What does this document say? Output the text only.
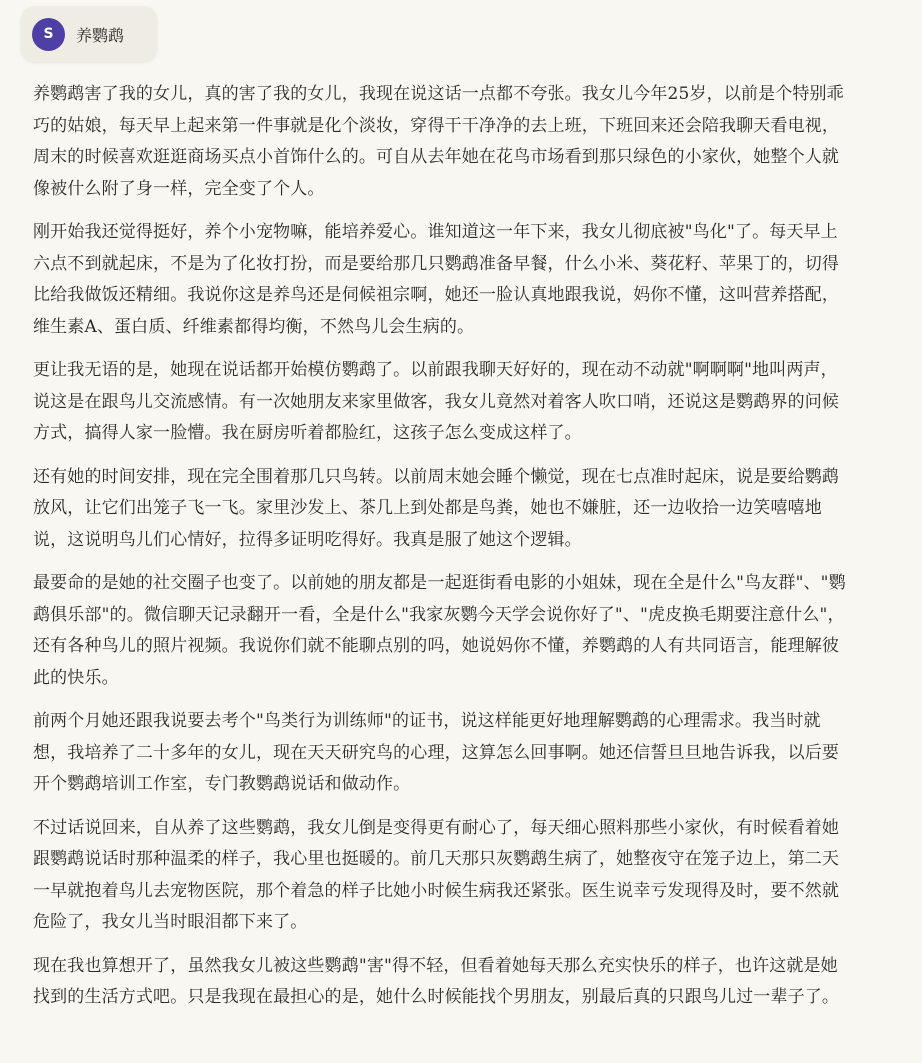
S	养鹦鹉

养鹦鹉害了我的女儿，真的害了我的女儿，我现在说这话一点都不夸张。我女儿今年25岁，以前是个特别乖巧的姑娘，每天早上起来第一件事就是化个淡妆，穿得干干净净的去上班，下班回来还会陪我聊天看电视，周末的时候喜欢逛逛商场买点小首饰什么的。可自从去年她在花鸟市场看到那只绿色的小家伙，她整个人就像被什么附了身一样，完全变了个人。

刚开始我还觉得挺好，养个小宠物嘛，能培养爱心。谁知道这一年下来，我女儿彻底被"鸟化"了。每天早上六点不到就起床，不是为了化妆打扮，而是要给那几只鹦鹉准备早餐，什么小米、葵花籽、苹果丁的，切得比给我做饭还精细。我说你这是养鸟还是伺候祖宗啊，她还一脸认真地跟我说，妈你不懂，这叫营养搭配，维生素A、蛋白质、纤维素都得均衡，不然鸟儿会生病的。

更让我无语的是，她现在说话都开始模仿鹦鹉了。以前跟我聊天好好的，现在动不动就"啊啊啊"地叫两声，说这是在跟鸟儿交流感情。有一次她朋友来家里做客，我女儿竟然对着客人吹口哨，还说这是鹦鹉界的问候方式，搞得人家一脸懵。我在厨房听着都脸红，这孩子怎么变成这样了。

还有她的时间安排，现在完全围着那几只鸟转。以前周末她会睡个懒觉，现在七点准时起床，说是要给鹦鹉放风，让它们出笼子飞一飞。家里沙发上、茶几上到处都是鸟粪，她也不嫌脏，还一边收拾一边笑嘻嘻地说，这说明鸟儿们心情好，拉得多证明吃得好。我真是服了她这个逻辑。

最要命的是她的社交圈子也变了。以前她的朋友都是一起逛街看电影的小姐妹，现在全是什么"鸟友群"、"鹦鹉俱乐部"的。微信聊天记录翻开一看，全是什么"我家灰鹦今天学会说你好了"、"虎皮换毛期要注意什么"，还有各种鸟儿的照片视频。我说你们就不能聊点别的吗，她说妈你不懂，养鹦鹉的人有共同语言，能理解彼此的快乐。

前两个月她还跟我说要去考个"鸟类行为训练师"的证书，说这样能更好地理解鹦鹉的心理需求。我当时就想，我培养了二十多年的女儿，现在天天研究鸟的心理，这算怎么回事啊。她还信誓旦旦地告诉我，以后要开个鹦鹉培训工作室，专门教鹦鹉说话和做动作。

不过话说回来，自从养了这些鹦鹉，我女儿倒是变得更有耐心了，每天细心照料那些小家伙，有时候看着她跟鹦鹉说话时那种温柔的样子，我心里也挺暖的。前几天那只灰鹦鹉生病了，她整夜守在笼子边上，第二天一早就抱着鸟儿去宠物医院，那个着急的样子比她小时候生病我还紧张。医生说幸亏发现得及时，要不然就危险了，我女儿当时眼泪都下来了。

现在我也算想开了，虽然我女儿被这些鹦鹉"害"得不轻，但看着她每天那么充实快乐的样子，也许这就是她找到的生活方式吧。只是我现在最担心的是，她什么时候能找个男朋友，别最后真的只跟鸟儿过一辈子了。
